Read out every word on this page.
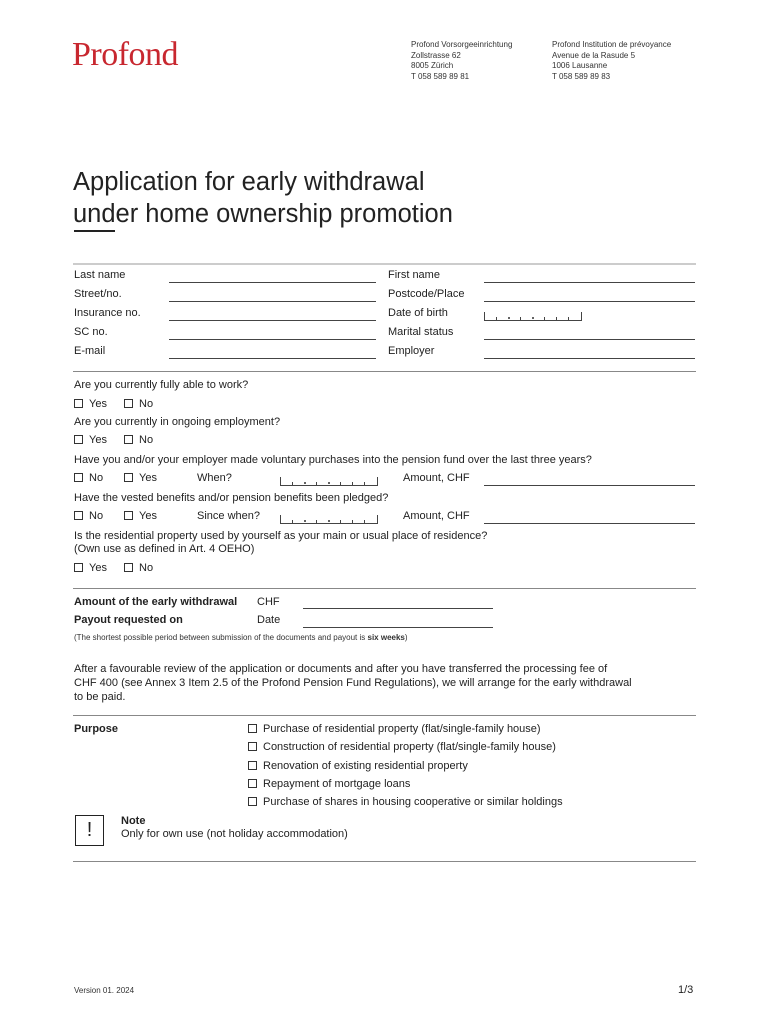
Profond	Profond Vorsorgeeinrichtung
Zollstrasse 62
8005 Zürich
T 058 589 89 81
Profond Institution de prévoyance
Avenue de la Rasude 5
1006 Lausanne
T 058 589 89 83
Application for early withdrawal
under home ownership promotion
Last name	First name
Street/no.	Postcode/Place
Insurance no.	Date of birth
SC no.	Marital status
E-mail	Employer
Are you currently fully able to work?
Yes	No
Are you currently in ongoing employment?
Yes	No
Have you and/or your employer made voluntary purchases into the pension fund over the last three years?
No	Yes	When?	Amount, CHF
Have the vested benefits and/or pension benefits been pledged?
No	Yes	Since when?	Amount, CHF
Is the residential property used by yourself as your main or usual place of residence?
(Own use as defined in Art. 4 OEHO)
Yes	No
Amount of the early withdrawal CHF
Payout requested on	Date
(The shortest possible period between submission of the documents and payout is six weeks)
After a favourable review of the application or documents and after you have transferred the processing fee of
CHF 400 (see Annex 3 Item 2.5 of the Profond Pension Fund Regulations), we will arrange for the early withdrawal
to be paid.
Purpose	Purchase of residential property (flat/single-family house)
Construction of residential property (flat/single-family house)
Renovation of existing residential property
Repayment of mortgage loans
Purchase of shares in housing cooperative or similar holdings
!	Note
Only for own use (not holiday accommodation)
Version 01. 2024	1/3
